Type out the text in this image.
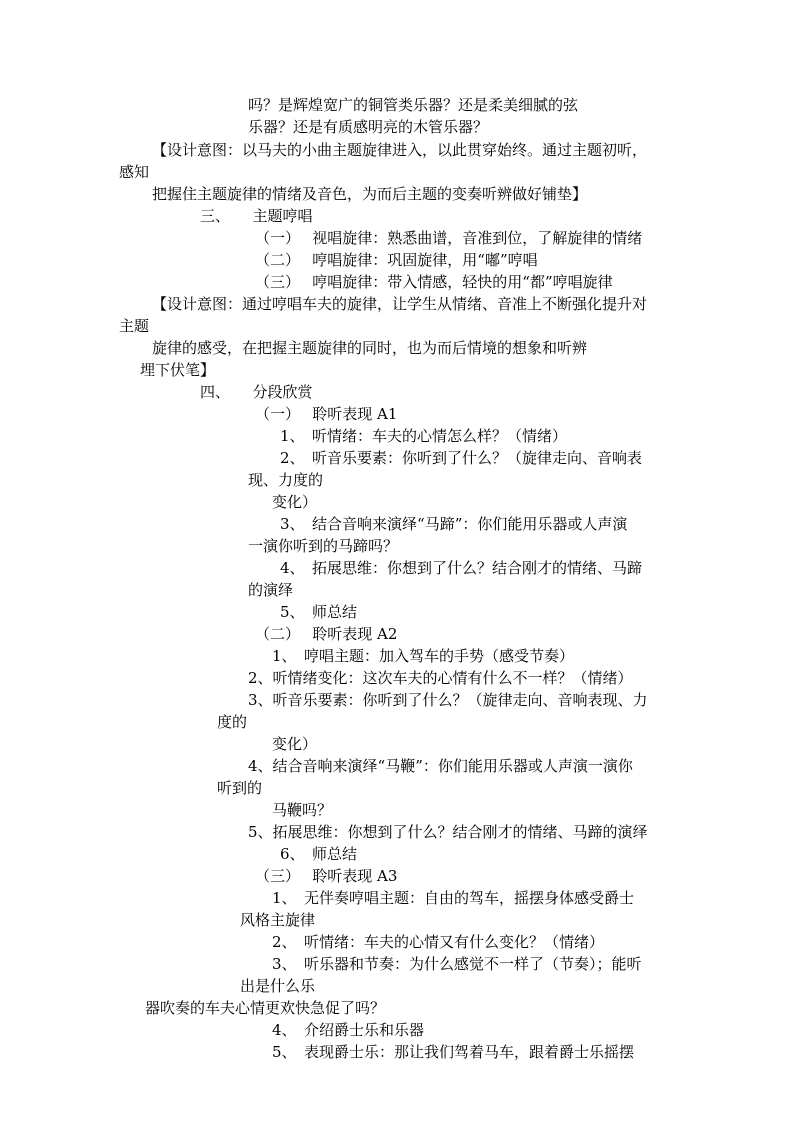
吗？是辉煌宽广的铜管类乐器？还是柔美细腻的弦
乐器？还是有质感明亮的木管乐器？
【设计意图：以马夫的小曲主题旋律进入，以此贯穿始终。通过主题初听，
感知
把握住主题旋律的情绪及音色，为而后主题的变奏听辨做好铺垫】
三、　　主题哼唱
（一）　 视唱旋律：熟悉曲谱，音准到位，了解旋律的情绪
（二）　 哼唱旋律：巩固旋律，用“嘟”哼唱
（三）　 哼唱旋律：带入情感，轻快的用“都”哼唱旋律
【设计意图：通过哼唱车夫的旋律，让学生从情绪、音准上不断强化提升对
主题
旋律的感受，在把握主题旋律的同时，也为而后情境的想象和听辨
埋下伏笔】
四、　　分段欣赏
（一）　 聆听表现 A1
1、　听情绪：车夫的心情怎么样？（情绪）
2、　听音乐要素：你听到了什么？（旋律走向、音响表
现、力度的
变化）
3、　结合音响来演绎“马蹄”：你们能用乐器或人声演
一演你听到的马蹄吗？
4、　拓展思维：你想到了什么？结合刚才的情绪、马蹄
的演绎
5、　师总结
（二）　 聆听表现 A2
1、　哼唱主题：加入驾车的手势（感受节奏）
2、听情绪变化：这次车夫的心情有什么不一样？（情绪）
3、听音乐要素：你听到了什么？（旋律走向、音响表现、力
度的
变化）
4、结合音响来演绎“马鞭”：你们能用乐器或人声演一演你
听到的
马鞭吗？
5、拓展思维：你想到了什么？结合刚才的情绪、马蹄的演绎
6、　师总结
（三）　 聆听表现 A3
1、　无伴奏哼唱主题：自由的驾车，摇摆身体感受爵士
风格主旋律
2、　听情绪：车夫的心情又有什么变化？（情绪）
3、　听乐器和节奏：为什么感觉不一样了（节奏）；能听
出是什么乐
器吹奏的车夫心情更欢快急促了吗？
4、　介绍爵士乐和乐器
5、　表现爵士乐：那让我们驾着马车，跟着爵士乐摇摆
